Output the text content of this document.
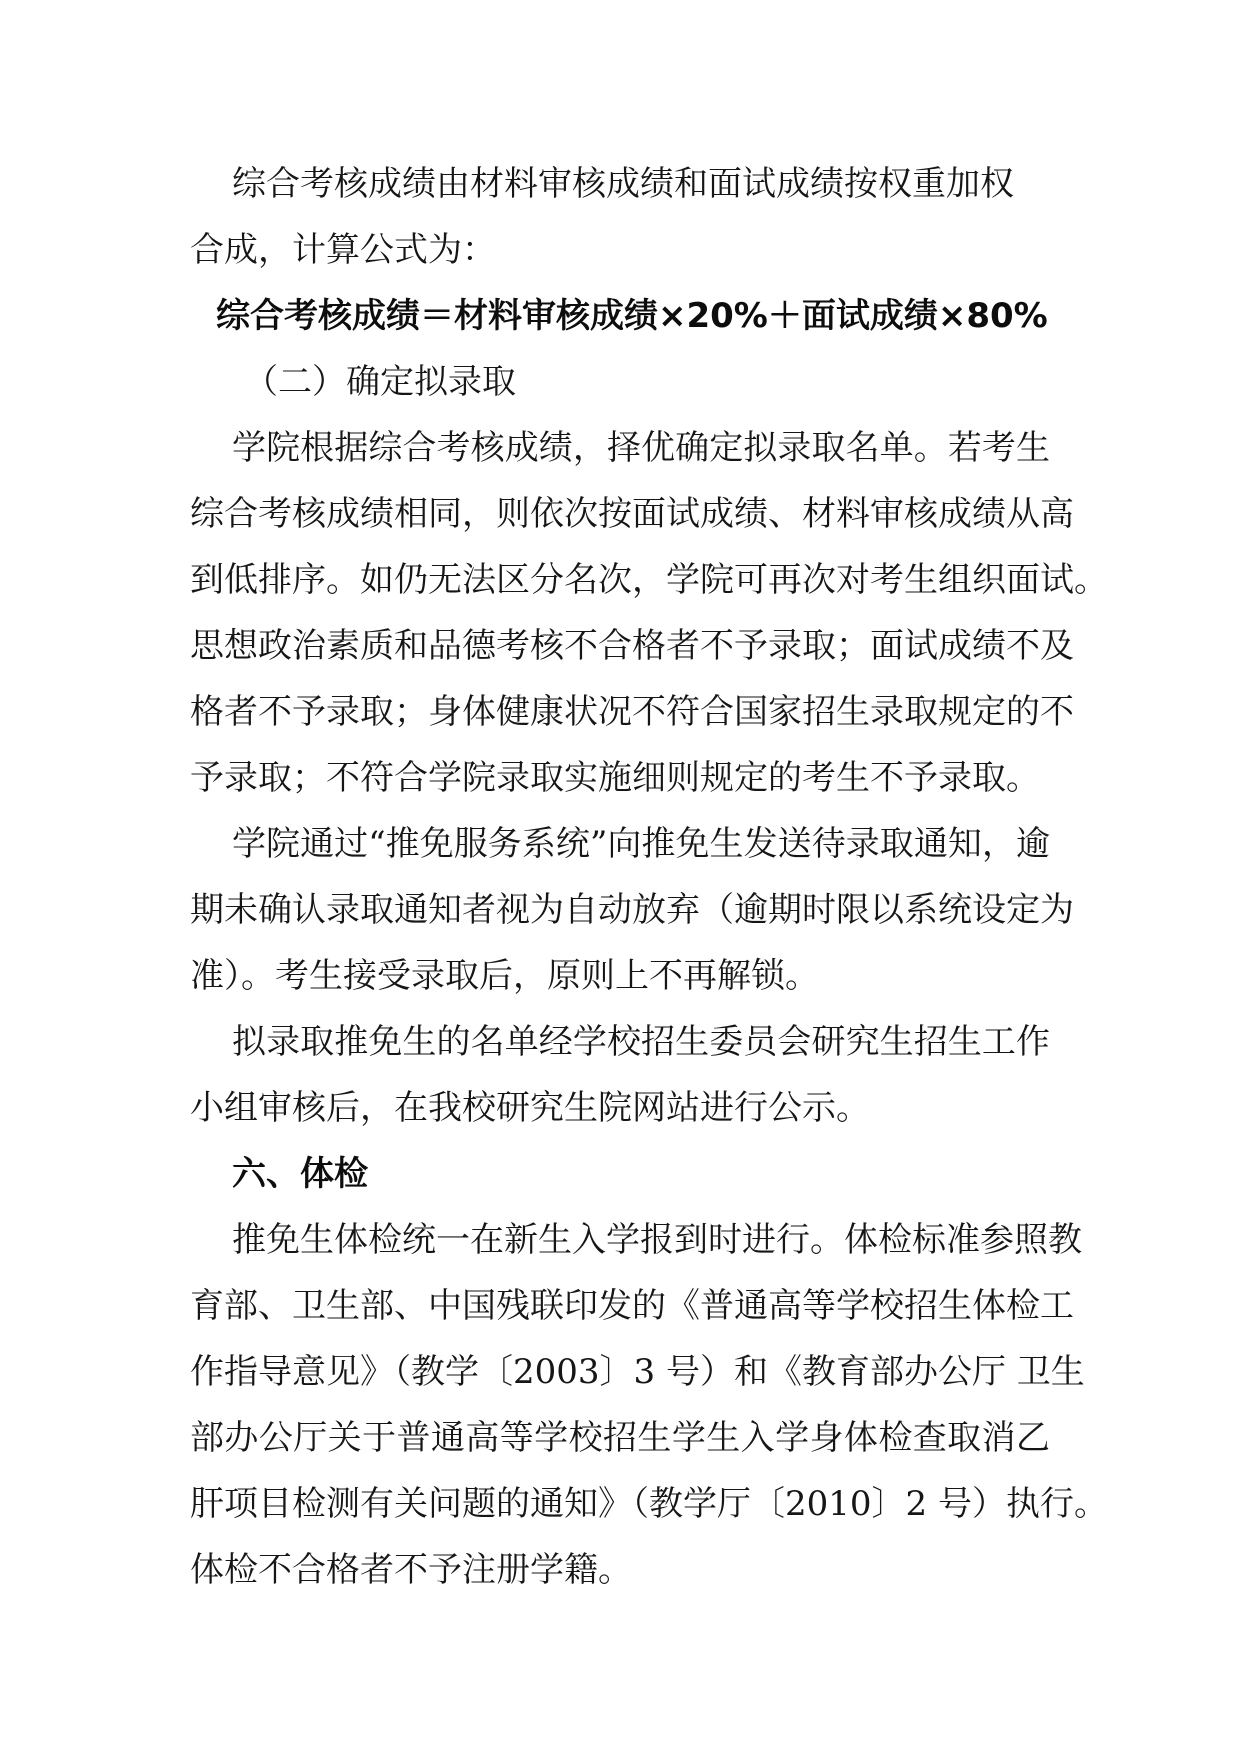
综合考核成绩由材料审核成绩和面试成绩按权重加权

合成，计算公式为：

综合考核成绩＝材料审核成绩×20%＋面试成绩×80%

（二）确定拟录取

学院根据综合考核成绩，择优确定拟录取名单。若考生

综合考核成绩相同，则依次按面试成绩、材料审核成绩从高

到低排序。如仍无法区分名次，学院可再次对考生组织面试。

思想政治素质和品德考核不合格者不予录取；面试成绩不及

格者不予录取；身体健康状况不符合国家招生录取规定的不

予录取；不符合学院录取实施细则规定的考生不予录取。

学院通过“推免服务系统”向推免生发送待录取通知，逾

期未确认录取通知者视为自动放弃（逾期时限以系统设定为

准）。考生接受录取后，原则上不再解锁。

拟录取推免生的名单经学校招生委员会研究生招生工作

小组审核后，在我校研究生院网站进行公示。

六、体检

推免生体检统一在新生入学报到时进行。体检标准参照教

育部、卫生部、中国残联印发的《普通高等学校招生体检工

作指导意见》（教学〔2003〕3 号）和《教育部办公厅 卫生

部办公厅关于普通高等学校招生学生入学身体检查取消乙

肝项目检测有关问题的通知》（教学厅〔2010〕2 号）执行。

体检不合格者不予注册学籍。
